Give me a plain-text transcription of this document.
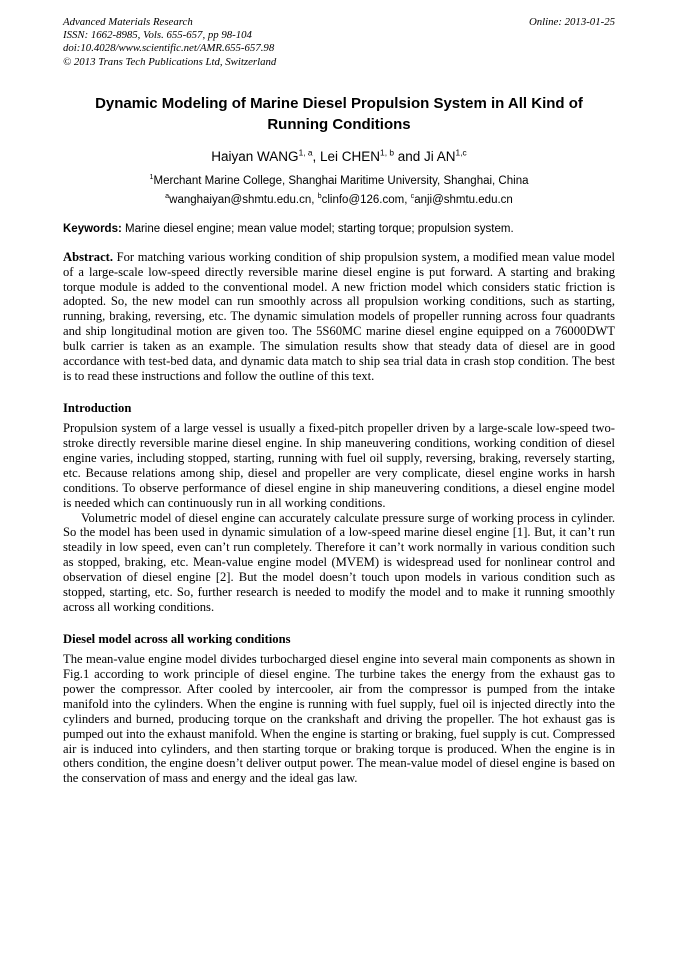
Advanced Materials Research
ISSN: 1662-8985, Vols. 655-657, pp 98-104
doi:10.4028/www.scientific.net/AMR.655-657.98
© 2013 Trans Tech Publications Ltd, Switzerland
Online: 2013-01-25
Dynamic Modeling of Marine Diesel Propulsion System in All Kind of Running Conditions
Haiyan WANG$^{1, a}$, Lei CHEN$^{1, b}$ and Ji AN$^{1,c}$
$^1$Merchant Marine College, Shanghai Maritime University, Shanghai, China
$^a$wanghaiyan@shmtu.edu.cn, $^b$clinfo@126.com, $^c$anji@shmtu.edu.cn
Keywords: Marine diesel engine; mean value model; starting torque; propulsion system.

Abstract. For matching various working condition of ship propulsion system, a modified mean value model of a large-scale low-speed directly reversible marine diesel engine is put forward. A starting and braking torque module is added to the conventional model. A new friction model which considers static friction is adopted. So, the new model can run smoothly across all propulsion working conditions, such as starting, running, braking, reversing, etc. The dynamic simulation models of propeller running across four quadrants and ship longitudinal motion are given too. The 5S60MC marine diesel engine equipped on a 76000DWT bulk carrier is taken as an example. The simulation results show that steady data of diesel are in good accordance with test-bed data, and dynamic data match to ship sea trial data in crash stop condition. The best is to read these instructions and follow the outline of this text.

Introduction

Propulsion system of a large vessel is usually a fixed-pitch propeller driven by a large-scale low-speed two-stroke directly reversible marine diesel engine. In ship maneuvering conditions, working condition of diesel engine varies, including stopped, starting, running with fuel oil supply, reversing, braking, reversely starting, etc. Because relations among ship, diesel and propeller are very complicate, diesel engine works in harsh conditions. To observe performance of diesel engine in ship maneuvering conditions, a diesel engine model is needed which can continuously run in all working conditions.

Volumetric model of diesel engine can accurately calculate pressure surge of working process in cylinder. So the model has been used in dynamic simulation of a low-speed marine diesel engine [1]. But, it can’t run steadily in low speed, even can’t run completely. Therefore it can’t work normally in various condition such as stopped, braking, etc. Mean-value engine model (MVEM) is widespread used for nonlinear control and observation of diesel engine [2]. But the model doesn’t touch upon models in various condition such as stopped, starting, etc. So, further research is needed to modify the model and to make it running smoothly across all working conditions.

Diesel model across all working conditions

The mean-value engine model divides turbocharged diesel engine into several main components as shown in Fig.1 according to work principle of diesel engine. The turbine takes the energy from the exhaust gas to power the compressor. After cooled by intercooler, air from the compressor is pumped from the intake manifold into the cylinders. When the engine is running with fuel supply, fuel oil is injected directly into the cylinders and burned, producing torque on the crankshaft and driving the propeller. The hot exhaust gas is pumped out into the exhaust manifold. When the engine is starting or braking, fuel supply is cut. Compressed air is induced into cylinders, and then starting torque or braking torque is produced. When the engine is in others condition, the engine doesn’t deliver output power. The mean-value model of diesel engine is based on the conservation of mass and energy and the ideal gas law.
